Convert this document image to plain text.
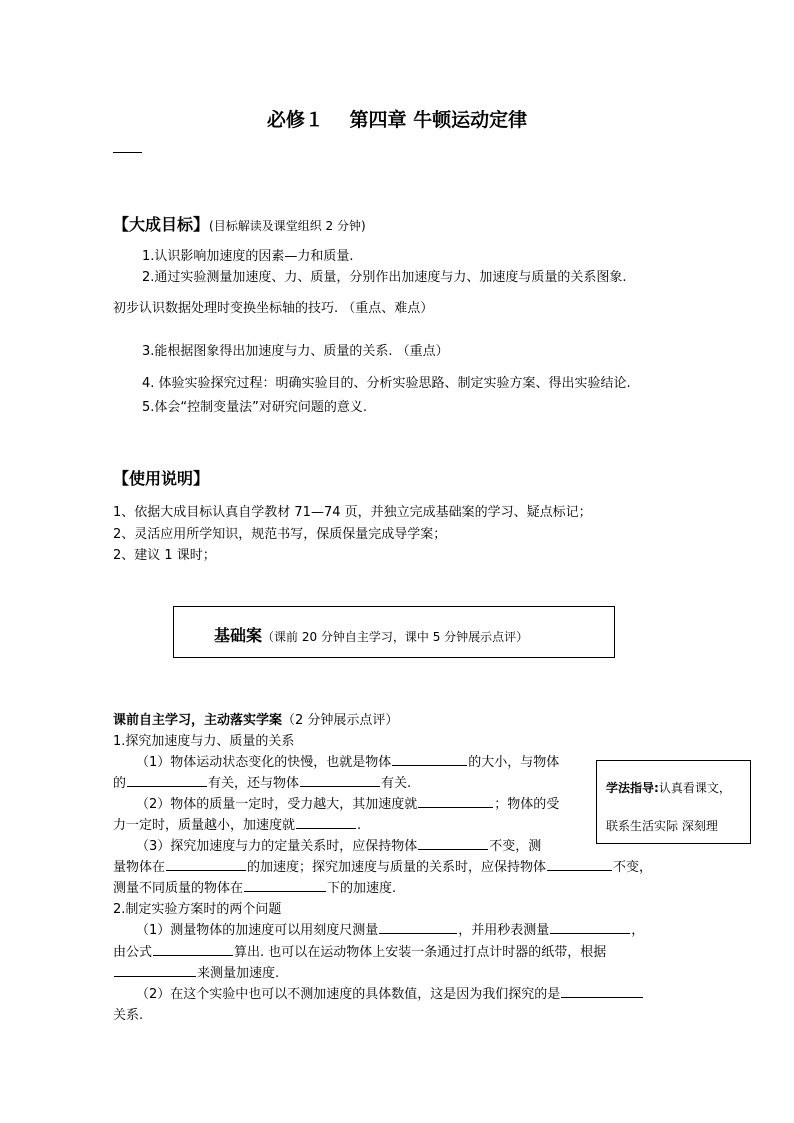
必修１　 第四章 牛顿运动定律
【大成目标】(目标解读及课堂组织 2 分钟)
1.认识影响加速度的因素—力和质量.
2.通过实验测量加速度、力、质量，分别作出加速度与力、加速度与质量的关系图象.
初步认识数据处理时变换坐标轴的技巧. （重点、难点）
3.能根据图象得出加速度与力、质量的关系. （重点）
4. 体验实验探究过程：明确实验目的、分析实验思路、制定实验方案、得出实验结论.
5.体会“控制变量法”对研究问题的意义.
【使用说明】
1、依据大成目标认真自学教材 71—74 页，并独立完成基础案的学习、疑点标记；
2、灵活应用所学知识，规范书写，保质保量完成导学案；
2、建议 1 课时；
基础案（课前 20 分钟自主学习，课中 5 分钟展示点评）
课前自主学习，主动落实学案（2 分钟展示点评）
1.探究加速度与力、质量的关系
（1）物体运动状态变化的快慢，也就是物体	的大小，与物体
的	有关，还与物体	有关.
（2）物体的质量一定时，受力越大，其加速度就	；物体的受
力一定时，质量越小，加速度就	.
（3）探究加速度与力的定量关系时，应保持物体	不变，测
量物体在	的加速度；探究加速度与质量的关系时，应保持物体	不变，
测量不同质量的物体在	下的加速度.
2.制定实验方案时的两个问题
（1）测量物体的加速度可以用刻度尺测量	，并用秒表测量	，
由公式	算出. 也可以在运动物体上安装一条通过打点计时器的纸带，根据
来测量加速度.
（2）在这个实验中也可以不测加速度的具体数值，这是因为我们探究的是
关系.
学法指导:认真看课文，
联系生活实际 深刻理
